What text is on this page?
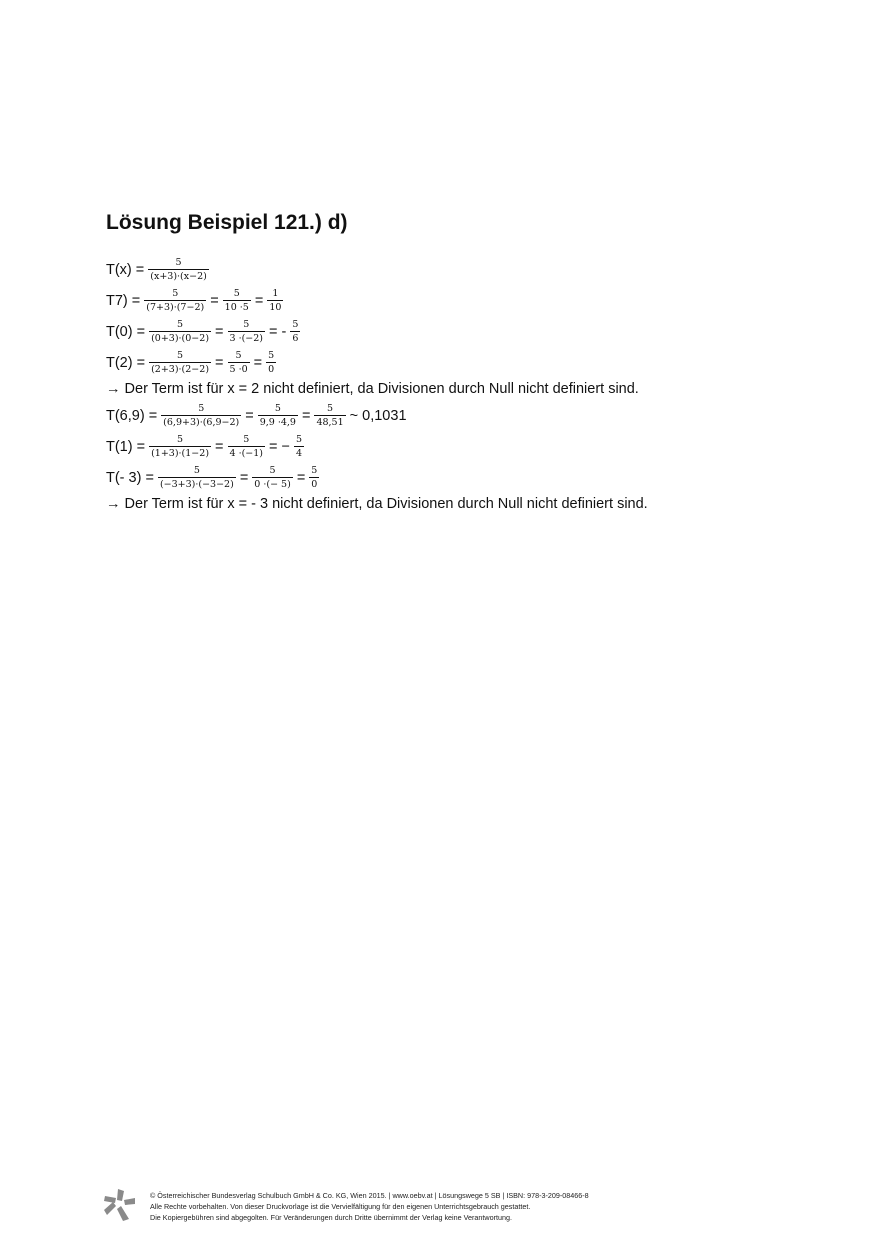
Lösung Beispiel 121.) d)
$T(x) = \frac{5}{(x+3)\cdot(x-2)}$
$T7) = \frac{5}{(7+3)\cdot(7-2)} = \frac{5}{10 \cdot 5} = \frac{1}{10}$
$T(0) = \frac{5}{(0+3)\cdot(0-2)} = \frac{5}{3 \cdot(-2)}$ = - $\frac{5}{6}$
$T(2) = \frac{5}{(2+3)\cdot(2-2)} = \frac{5}{5 \cdot 0} = \frac{5}{0}$
→ Der Term ist für x = 2 nicht definiert, da Divisionen durch Null nicht definiert sind.
$T(6,9) = \frac{5}{(6,9+3)\cdot(6,9-2)} = \frac{5}{9,9 \cdot 4,9} = \frac{5}{48,51}$ ~ 0,1031
$T(1) = \frac{5}{(1+3)\cdot(1-2)} = \frac{5}{4 \cdot(-1)}$ = − $\frac{5}{4}$
T(- $3) = \frac{5}{(-3+3)\cdot(-3-2)} = \frac{5}{0 \cdot(- 5)} = \frac{5}{0}$
→ Der Term ist für x = - 3 nicht definiert, da Divisionen durch Null nicht definiert sind.
© Österreichischer Bundesverlag Schulbuch GmbH & Co. KG, Wien 2015. | www.oebv.at | Lösungswege 5 SB | ISBN: 978-3-209-08466-8
Alle Rechte vorbehalten. Von dieser Druckvorlage ist die Vervielfältigung für den eigenen Unterrichtsgebrauch gestattet.
Die Kopiergebühren sind abgegolten. Für Veränderungen durch Dritte übernimmt der Verlag keine Verantwortung.
